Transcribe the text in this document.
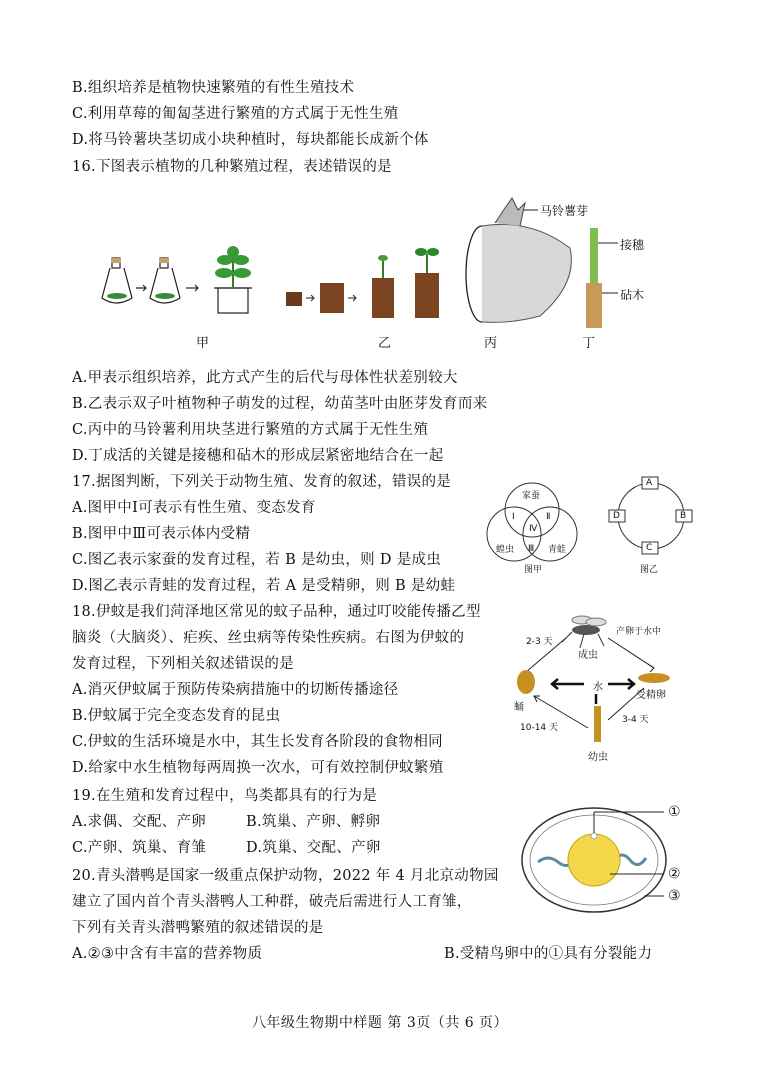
B.组织培养是植物快速繁殖的有性生殖技术
C.利用草莓的匍匐茎进行繁殖的方式属于无性生殖
D.将马铃薯块茎切成小块种植时，每块都能长成新个体
16.下图表示植物的几种繁殖过程，表述错误的是
马铃薯芽
接穗
砧木
甲	乙	丙	丁
A.甲表示组织培养，此方式产生的后代与母体性状差别较大
B.乙表示双子叶植物种子萌发的过程，幼苗茎叶由胚芽发育而来
C.丙中的马铃薯利用块茎进行繁殖的方式属于无性生殖
D.丁成活的关键是接穗和砧木的形成层紧密地结合在一起
17.据图判断，下列关于动物生殖、发育的叙述，错误的是
A.图甲中Ⅰ可表示有性生殖、变态发育
B.图甲中Ⅲ可表示体内受精
C.图乙表示家蚕的发育过程，若 B 是幼虫，则 D 是成虫
D.图乙表示青蛙的发育过程，若 A 是受精卵，则 B 是幼蛙
家蚕
蝗虫	青蛙
Ⅰ	Ⅱ
Ⅲ
Ⅳ
图甲
A
B
C
D
图乙
18.伊蚊是我们菏泽地区常见的蚊子品种，通过叮咬能传播乙型
脑炎（大脑炎）、疟疾、丝虫病等传染性疾病。右图为伊蚊的
发育过程，下列相关叙述错误的是
A.消灭伊蚊属于预防传染病措施中的切断传播途径
B.伊蚊属于完全变态发育的昆虫
C.伊蚊的生活环境是水中，其生长发育各阶段的食物相同
D.给家中水生植物每两周换一次水，可有效控制伊蚊繁殖
2-3 天
产卵于水中
成虫
水
受精卵
蛹
3-4 天
10-14 天
幼虫
19.在生殖和发育过程中，鸟类都具有的行为是
A.求偶、交配、产卵	B.筑巢、产卵、孵卵
C.产卵、筑巢、育雏	D.筑巢、交配、产卵
①
②
③
20.青头潜鸭是国家一级重点保护动物，2022 年 4 月北京动物园
建立了国内首个青头潜鸭人工种群，破壳后需进行人工育雏，
下列有关青头潜鸭繁殖的叙述错误的是
A.②③中含有丰富的营养物质	B.受精鸟卵中的①具有分裂能力
八年级生物期中样题 第 3页（共 6 页）
